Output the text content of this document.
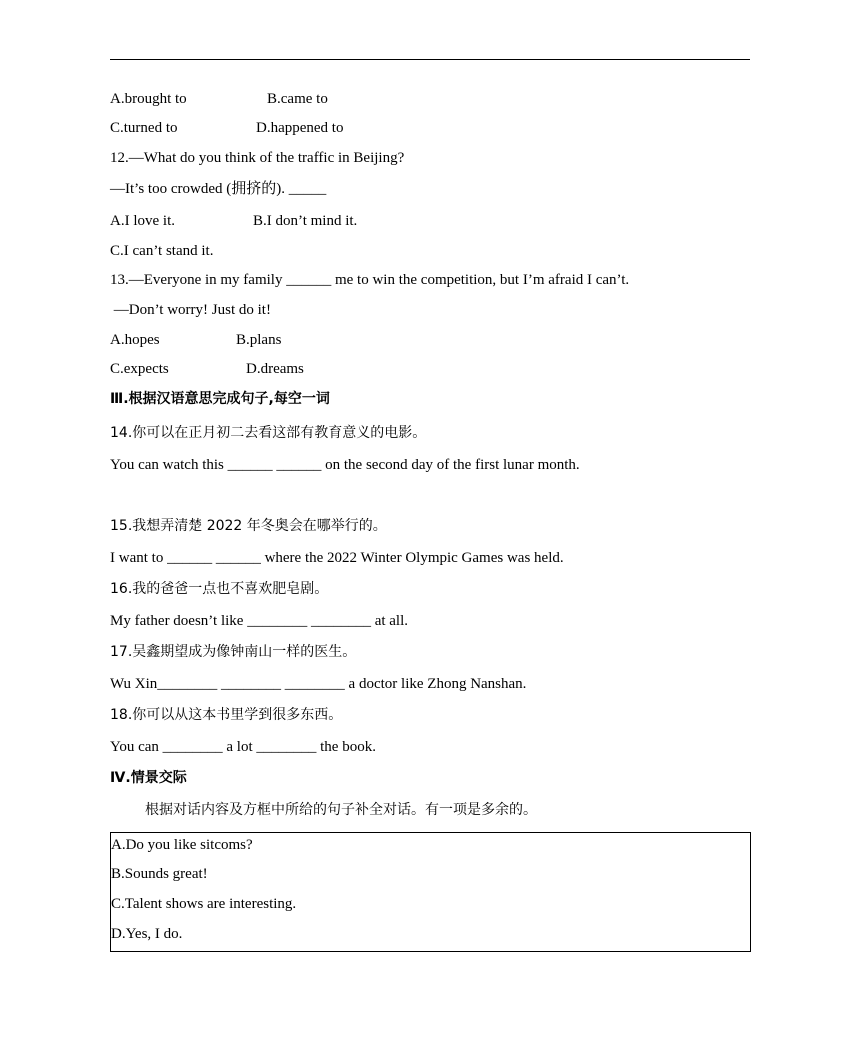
A.brought to	B.came to
C.turned to	D.happened to
12.—What do you think of the traffic in Beijing?
—It’s too crowded (拥挤的). _____
A.I love it.	B.I don’t mind it.
C.I can’t stand it.
13.—Everyone in my family ______ me to win the competition, but I’m afraid I can’t.
—Don’t worry! Just do it!
A.hopes	B.plans
C.expects	D.dreams
Ⅲ.根据汉语意思完成句子,每空一词
14.你可以在正月初二去看这部有教育意义的电影。
You can watch this ______ ______ on the second day of the first lunar month.
15.我想弄清楚 2022 年冬奥会在哪举行的。
I want to ______ ______ where the 2022 Winter Olympic Games was held.
16.我的爸爸一点也不喜欢肥皂剧。
My father doesn’t like ________ ________ at all.
17.吴鑫期望成为像钟南山一样的医生。
Wu Xin________ ________ ________ a doctor like Zhong Nanshan.
18.你可以从这本书里学到很多东西。
You can ________ a lot ________ the book.
Ⅳ.情景交际
根据对话内容及方框中所给的句子补全对话。有一项是多余的。
A.Do you like sitcoms?
B.Sounds great!
C.Talent shows are interesting.
D.Yes, I do.
